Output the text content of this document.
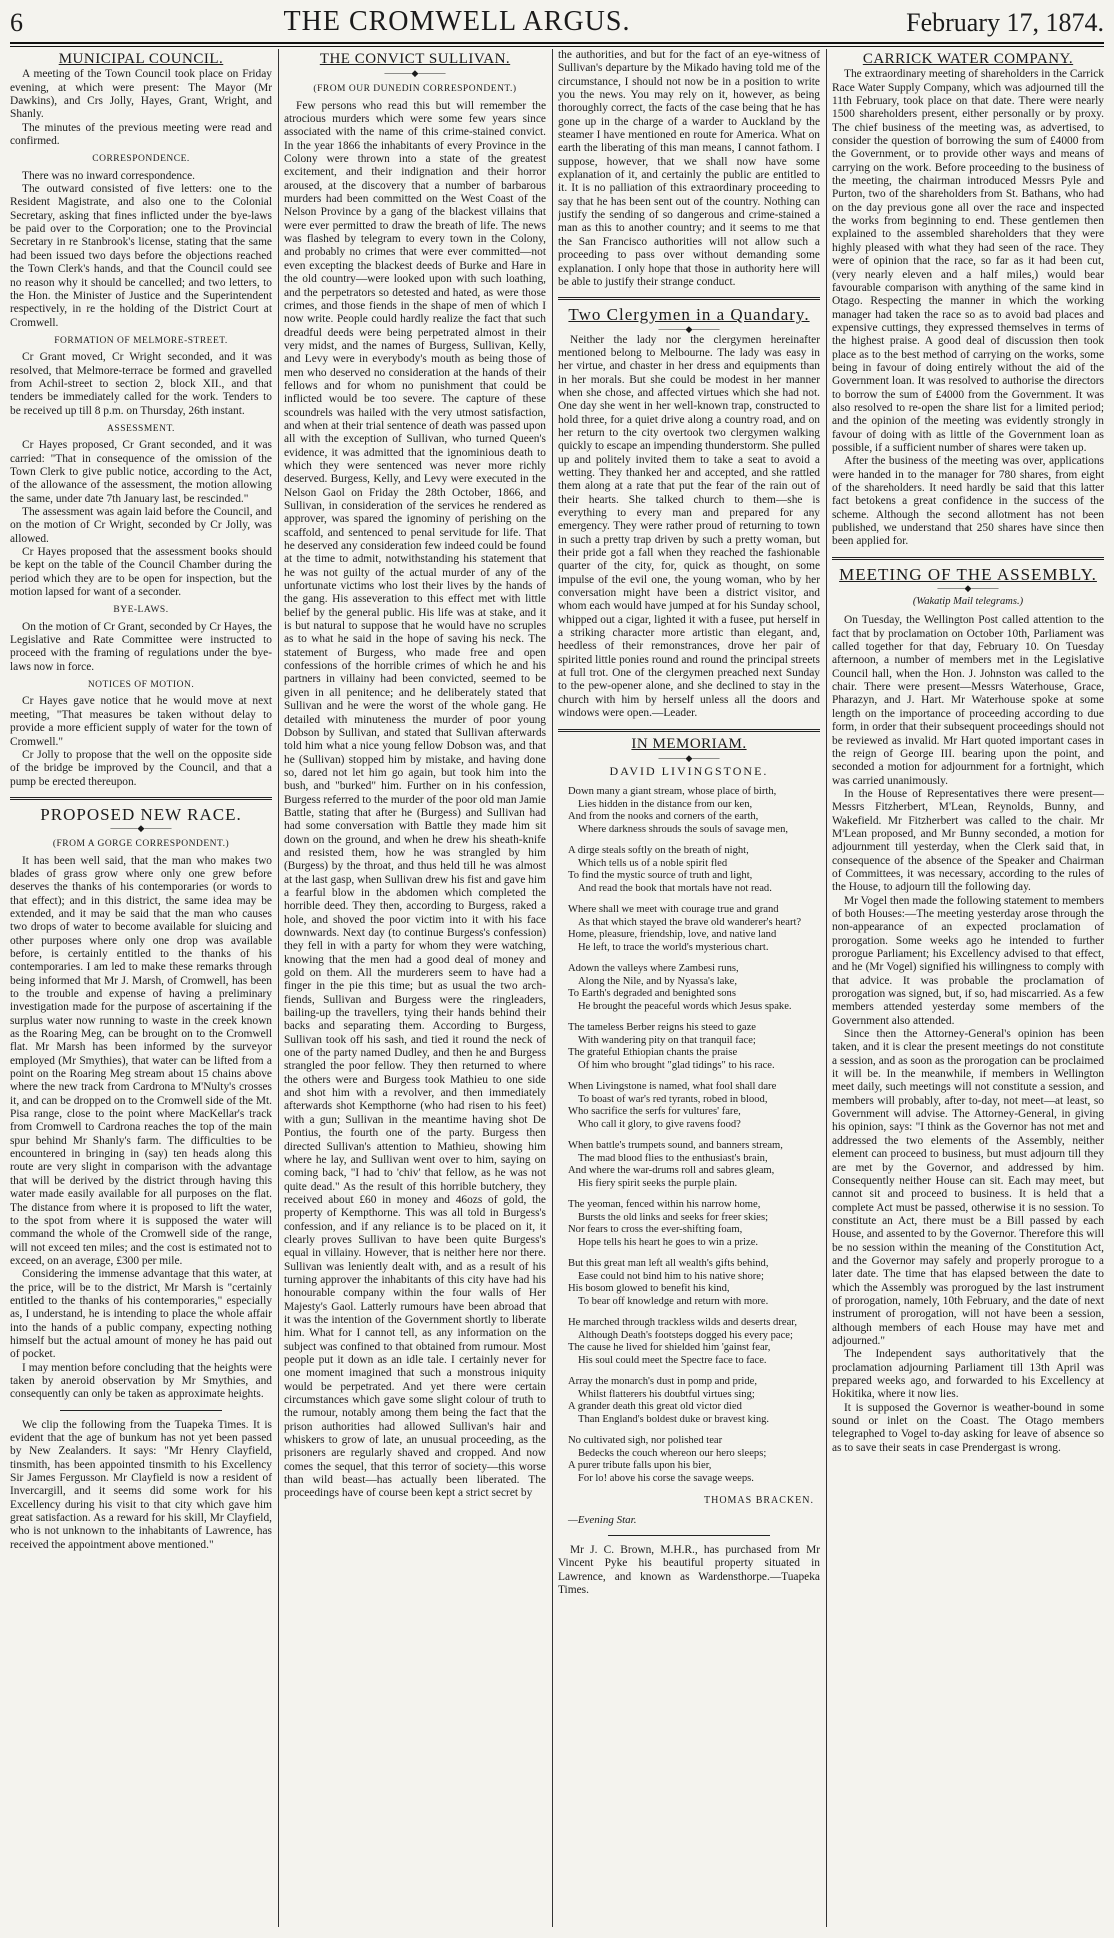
6	THE CROMWELL ARGUS.	February 17, 1874.
MUNICIPAL COUNCIL.

A meeting of the Town Council took place on Friday evening, at which were present: The Mayor (Mr Dawkins), and Crs Jolly, Hayes, Grant, Wright, and Shanly.

The minutes of the previous meeting were read and confirmed.

CORRESPONDENCE.

There was no inward correspondence.

The outward consisted of five letters: one to the Resident Magistrate, and also one to the Colonial Secretary, asking that fines inflicted under the bye-laws be paid over to the Corporation; one to the Provincial Secretary in re Stanbrook's license, stating that the same had been issued two days before the objections reached the Town Clerk's hands, and that the Council could see no reason why it should be cancelled; and two letters, to the Hon. the Minister of Justice and the Superintendent respectively, in re the holding of the District Court at Cromwell.

FORMATION OF MELMORE-STREET.

Cr Grant moved, Cr Wright seconded, and it was resolved, that Melmore-terrace be formed and gravelled from Achil-street to section 2, block XII., and that tenders be immediately called for the work. Tenders to be received up till 8 p.m. on Thursday, 26th instant.

ASSESSMENT.

Cr Hayes proposed, Cr Grant seconded, and it was carried: "That in consequence of the omission of the Town Clerk to give public notice, according to the Act, of the allowance of the assessment, the motion allowing the same, under date 7th January last, be rescinded."

The assessment was again laid before the Council, and on the motion of Cr Wright, seconded by Cr Jolly, was allowed.

Cr Hayes proposed that the assessment books should be kept on the table of the Council Chamber during the period which they are to be open for inspection, but the motion lapsed for want of a seconder.

BYE-LAWS.

On the motion of Cr Grant, seconded by Cr Hayes, the Legislative and Rate Committee were instructed to proceed with the framing of regulations under the bye-laws now in force.

NOTICES OF MOTION.

Cr Hayes gave notice that he would move at next meeting, "That measures be taken without delay to provide a more efficient supply of water for the town of Cromwell."

Cr Jolly to propose that the well on the opposite side of the bridge be improved by the Council, and that a pump be erected thereupon.

PROPOSED NEW RACE.
———◆———
(FROM A GORGE CORRESPONDENT.)

It has been well said, that the man who makes two blades of grass grow where only one grew before deserves the thanks of his contemporaries (or words to that effect); and in this district, the same idea may be extended, and it may be said that the man who causes two drops of water to become available for sluicing and other purposes where only one drop was available before, is certainly entitled to the thanks of his contemporaries. I am led to make these remarks through being informed that Mr J. Marsh, of Cromwell, has been to the trouble and expense of having a preliminary investigation made for the purpose of ascertaining if the surplus water now running to waste in the creek known as the Roaring Meg, can be brought on to the Cromwell flat. Mr Marsh has been informed by the surveyor employed (Mr Smythies), that water can be lifted from a point on the Roaring Meg stream about 15 chains above where the new track from Cardrona to M'Nulty's crosses it, and can be dropped on to the Cromwell side of the Mt. Pisa range, close to the point where MacKellar's track from Cromwell to Cardrona reaches the top of the main spur behind Mr Shanly's farm. The difficulties to be encountered in bringing in (say) ten heads along this route are very slight in comparison with the advantage that will be derived by the district through having this water made easily available for all purposes on the flat. The distance from where it is proposed to lift the water, to the spot from where it is supposed the water will command the whole of the Cromwell side of the range, will not exceed ten miles; and the cost is estimated not to exceed, on an average, £300 per mile.

Considering the immense advantage that this water, at the price, will be to the district, Mr Marsh is "certainly entitled to the thanks of his contemporaries," especially as, I understand, he is intending to place the whole affair into the hands of a public company, expecting nothing himself but the actual amount of money he has paid out of pocket.

I may mention before concluding that the heights were taken by aneroid observation by Mr Smythies, and consequently can only be taken as approximate heights.

We clip the following from the Tuapeka Times. It is evident that the age of bunkum has not yet been passed by New Zealanders. It says: "Mr Henry Clayfield, tinsmith, has been appointed tinsmith to his Excellency Sir James Fergusson. Mr Clayfield is now a resident of Invercargill, and it seems did some work for his Excellency during his visit to that city which gave him great satisfaction. As a reward for his skill, Mr Clayfield, who is not unknown to the inhabitants of Lawrence, has received the appointment above mentioned."

THE CONVICT SULLIVAN.
———◆———
(FROM OUR DUNEDIN CORRESPONDENT.)

Few persons who read this but will remember the atrocious murders which were some few years since associated with the name of this crime-stained convict. In the year 1866 the inhabitants of every Province in the Colony were thrown into a state of the greatest excitement, and their indignation and their horror aroused, at the discovery that a number of barbarous murders had been committed on the West Coast of the Nelson Province by a gang of the blackest villains that were ever permitted to draw the breath of life. The news was flashed by telegram to every town in the Colony, and probably no crimes that were ever committed—not even excepting the blackest deeds of Burke and Hare in the old country—were looked upon with such loathing, and the perpetrators so detested and hated, as were those crimes, and those fiends in the shape of men of which I now write. People could hardly realize the fact that such dreadful deeds were being perpetrated almost in their very midst, and the names of Burgess, Sullivan, Kelly, and Levy were in everybody's mouth as being those of men who deserved no consideration at the hands of their fellows and for whom no punishment that could be inflicted would be too severe. The capture of these scoundrels was hailed with the very utmost satisfaction, and when at their trial sentence of death was passed upon all with the exception of Sullivan, who turned Queen's evidence, it was admitted that the ignominious death to which they were sentenced was never more richly deserved. Burgess, Kelly, and Levy were executed in the Nelson Gaol on Friday the 28th October, 1866, and Sullivan, in consideration of the services he rendered as approver, was spared the ignominy of perishing on the scaffold, and sentenced to penal servitude for life. That he deserved any consideration few indeed could be found at the time to admit, notwithstanding his statement that he was not guilty of the actual murder of any of the unfortunate victims who lost their lives by the hands of the gang. His asseveration to this effect met with little belief by the general public. His life was at stake, and it is but natural to suppose that he would have no scruples as to what he said in the hope of saving his neck. The statement of Burgess, who made free and open confessions of the horrible crimes of which he and his partners in villainy had been convicted, seemed to be given in all penitence; and he deliberately stated that Sullivan and he were the worst of the whole gang. He detailed with minuteness the murder of poor young Dobson by Sullivan, and stated that Sullivan afterwards told him what a nice young fellow Dobson was, and that he (Sullivan) stopped him by mistake, and having done so, dared not let him go again, but took him into the bush, and "burked" him. Further on in his confession, Burgess referred to the murder of the poor old man Jamie Battle, stating that after he (Burgess) and Sullivan had had some conversation with Battle they made him sit down on the ground, and when he drew his sheath-knife and resisted them, how he was strangled by him (Burgess) by the throat, and thus held till he was almost at the last gasp, when Sullivan drew his fist and gave him a fearful blow in the abdomen which completed the horrible deed. They then, according to Burgess, raked a hole, and shoved the poor victim into it with his face downwards. Next day (to continue Burgess's confession) they fell in with a party for whom they were watching, knowing that the men had a good deal of money and gold on them. All the murderers seem to have had a finger in the pie this time; but as usual the two arch-fiends, Sullivan and Burgess were the ringleaders, bailing-up the travellers, tying their hands behind their backs and separating them. According to Burgess, Sullivan took off his sash, and tied it round the neck of one of the party named Dudley, and then he and Burgess strangled the poor fellow. They then returned to where the others were and Burgess took Mathieu to one side and shot him with a revolver, and then immediately afterwards shot Kempthorne (who had risen to his feet) with a gun; Sullivan in the meantime having shot De Pontius, the fourth one of the party. Burgess then directed Sullivan's attention to Mathieu, showing him where he lay, and Sullivan went over to him, saying on coming back, "I had to 'chiv' that fellow, as he was not quite dead." As the result of this horrible butchery, they received about £60 in money and 46ozs of gold, the property of Kempthorne. This was all told in Burgess's confession, and if any reliance is to be placed on it, it clearly proves Sullivan to have been quite Burgess's equal in villainy. However, that is neither here nor there. Sullivan was leniently dealt with, and as a result of his turning approver the inhabitants of this city have had his honourable company within the four walls of Her Majesty's Gaol. Latterly rumours have been abroad that it was the intention of the Government shortly to liberate him. What for I cannot tell, as any information on the subject was confined to that obtained from rumour. Most people put it down as an idle tale. I certainly never for one moment imagined that such a monstrous iniquity would be perpetrated. And yet there were certain circumstances which gave some slight colour of truth to the rumour, notably among them being the fact that the prison authorities had allowed Sullivan's hair and whiskers to grow of late, an unusual proceeding, as the prisoners are regularly shaved and cropped. And now comes the sequel, that this terror of society—this worse than wild beast—has actually been liberated. The proceedings have of course been kept a strict secret by

the authorities, and but for the fact of an eye-witness of Sullivan's departure by the Mikado having told me of the circumstance, I should not now be in a position to write you the news. You may rely on it, however, as being thoroughly correct, the facts of the case being that he has gone up in the charge of a warder to Auckland by the steamer I have mentioned en route for America. What on earth the liberating of this man means, I cannot fathom. I suppose, however, that we shall now have some explanation of it, and certainly the public are entitled to it. It is no palliation of this extraordinary proceeding to say that he has been sent out of the country. Nothing can justify the sending of so dangerous and crime-stained a man as this to another country; and it seems to me that the San Francisco authorities will not allow such a proceeding to pass over without demanding some explanation. I only hope that those in authority here will be able to justify their strange conduct.

Two Clergymen in a Quandary.
———◆———

Neither the lady nor the clergymen hereinafter mentioned belong to Melbourne. The lady was easy in her virtue, and chaster in her dress and equipments than in her morals. But she could be modest in her manner when she chose, and affected virtues which she had not. One day she went in her well-known trap, constructed to hold three, for a quiet drive along a country road, and on her return to the city overtook two clergymen walking quickly to escape an impending thunderstorm. She pulled up and politely invited them to take a seat to avoid a wetting. They thanked her and accepted, and she rattled them along at a rate that put the fear of the rain out of their hearts. She talked church to them—she is everything to every man and prepared for any emergency. They were rather proud of returning to town in such a pretty trap driven by such a pretty woman, but their pride got a fall when they reached the fashionable quarter of the city, for, quick as thought, on some impulse of the evil one, the young woman, who by her conversation might have been a district visitor, and whom each would have jumped at for his Sunday school, whipped out a cigar, lighted it with a fusee, put herself in a striking character more artistic than elegant, and, heedless of their remonstrances, drove her pair of spirited little ponies round and round the principal streets at full trot. One of the clergymen preached next Sunday to the pew-opener alone, and she declined to stay in the church with him by herself unless all the doors and windows were open.—Leader.

IN MEMORIAM.
———◆———
DAVID LIVINGSTONE.
Down many a giant stream, whose place of birth,
Lies hidden in the distance from our ken,
And from the nooks and corners of the earth,
Where darkness shrouds the souls of savage men,
A dirge steals softly on the breath of night,
Which tells us of a noble spirit fled
To find the mystic source of truth and light,
And read the book that mortals have not read.
Where shall we meet with courage true and grand
As that which stayed the brave old wanderer's heart?
Home, pleasure, friendship, love, and native land
He left, to trace the world's mysterious chart.
Adown the valleys where Zambesi runs,
Along the Nile, and by Nyassa's lake,
To Earth's degraded and benighted sons
He brought the peaceful words which Jesus spake.
The tameless Berber reigns his steed to gaze
With wandering pity on that tranquil face;
The grateful Ethiopian chants the praise
Of him who brought "glad tidings" to his race.
When Livingstone is named, what fool shall dare
To boast of war's red tyrants, robed in blood,
Who sacrifice the serfs for vultures' fare,
Who call it glory, to give ravens food?
When battle's trumpets sound, and banners stream,
The mad blood flies to the enthusiast's brain,
And where the war-drums roll and sabres gleam,
His fiery spirit seeks the purple plain.
The yeoman, fenced within his narrow home,
Bursts the old links and seeks for freer skies;
Nor fears to cross the ever-shifting foam,
Hope tells his heart he goes to win a prize.
But this great man left all wealth's gifts behind,
Ease could not bind him to his native shore;
His bosom glowed to benefit his kind,
To bear off knowledge and return with more.
He marched through trackless wilds and deserts drear,
Although Death's footsteps dogged his every pace;
The cause he lived for shielded him 'gainst fear,
His soul could meet the Spectre face to face.
Array the monarch's dust in pomp and pride,
Whilst flatterers his doubtful virtues sing;
A grander death this great old victor died
Than England's boldest duke or bravest king.
No cultivated sigh, nor polished tear
Bedecks the couch whereon our hero sleeps;
A purer tribute falls upon his bier,
For lo! above his corse the savage weeps.
THOMAS BRACKEN.
—Evening Star.

Mr J. C. Brown, M.H.R., has purchased from Mr Vincent Pyke his beautiful property situated in Lawrence, and known as Wardensthorpe.—Tuapeka Times.

CARRICK WATER COMPANY.

The extraordinary meeting of shareholders in the Carrick Race Water Supply Company, which was adjourned till the 11th February, took place on that date. There were nearly 1500 shareholders present, either personally or by proxy. The chief business of the meeting was, as advertised, to consider the question of borrowing the sum of £4000 from the Government, or to provide other ways and means of carrying on the work. Before proceeding to the business of the meeting, the chairman introduced Messrs Pyle and Purton, two of the shareholders from St. Bathans, who had on the day previous gone all over the race and inspected the works from beginning to end. These gentlemen then explained to the assembled shareholders that they were highly pleased with what they had seen of the race. They were of opinion that the race, so far as it had been cut, (very nearly eleven and a half miles,) would bear favourable comparison with anything of the same kind in Otago. Respecting the manner in which the working manager had taken the race so as to avoid bad places and expensive cuttings, they expressed themselves in terms of the highest praise. A good deal of discussion then took place as to the best method of carrying on the works, some being in favour of doing entirely without the aid of the Government loan. It was resolved to authorise the directors to borrow the sum of £4000 from the Government. It was also resolved to re-open the share list for a limited period; and the opinion of the meeting was evidently strongly in favour of doing with as little of the Government loan as possible, if a sufficient number of shares were taken up.

After the business of the meeting was over, applications were handed in to the manager for 780 shares, from eight of the shareholders. It need hardly be said that this latter fact betokens a great confidence in the success of the scheme. Although the second allotment has not been published, we understand that 250 shares have since then been applied for.

MEETING OF THE ASSEMBLY.
———◆———
(Wakatip Mail telegrams.)

On Tuesday, the Wellington Post called attention to the fact that by proclamation on October 10th, Parliament was called together for that day, February 10. On Tuesday afternoon, a number of members met in the Legislative Council hall, when the Hon. J. Johnston was called to the chair. There were present—Messrs Waterhouse, Grace, Pharazyn, and J. Hart. Mr Waterhouse spoke at some length on the importance of proceeding according to due form, in order that their subsequent proceedings should not be reviewed as invalid. Mr Hart quoted important cases in the reign of George III. bearing upon the point, and seconded a motion for adjournment for a fortnight, which was carried unanimously.

In the House of Representatives there were present—Messrs Fitzherbert, M'Lean, Reynolds, Bunny, and Wakefield. Mr Fitzherbert was called to the chair. Mr M'Lean proposed, and Mr Bunny seconded, a motion for adjournment till yesterday, when the Clerk said that, in consequence of the absence of the Speaker and Chairman of Committees, it was necessary, according to the rules of the House, to adjourn till the following day.

Mr Vogel then made the following statement to members of both Houses:—The meeting yesterday arose through the non-appearance of an expected proclamation of prorogation. Some weeks ago he intended to further prorogue Parliament; his Excellency advised to that effect, and he (Mr Vogel) signified his willingness to comply with that advice. It was probable the proclamation of prorogation was signed, but, if so, had miscarried. As a few members attended yesterday some members of the Government also attended.

Since then the Attorney-General's opinion has been taken, and it is clear the present meetings do not constitute a session, and as soon as the prorogation can be proclaimed it will be. In the meanwhile, if members in Wellington meet daily, such meetings will not constitute a session, and members will probably, after to-day, not meet—at least, so Government will advise. The Attorney-General, in giving his opinion, says: "I think as the Governor has not met and addressed the two elements of the Assembly, neither element can proceed to business, but must adjourn till they are met by the Governor, and addressed by him. Consequently neither House can sit. Each may meet, but cannot sit and proceed to business. It is held that a complete Act must be passed, otherwise it is no session. To constitute an Act, there must be a Bill passed by each House, and assented to by the Governor. Therefore this will be no session within the meaning of the Constitution Act, and the Governor may safely and properly prorogue to a later date. The time that has elapsed between the date to which the Assembly was prorogued by the last instrument of prorogation, namely, 10th February, and the date of next instrument of prorogation, will not have been a session, although members of each House may have met and adjourned."

The Independent says authoritatively that the proclamation adjourning Parliament till 13th April was prepared weeks ago, and forwarded to his Excellency at Hokitika, where it now lies.

It is supposed the Governor is weather-bound in some sound or inlet on the Coast. The Otago members telegraphed to Vogel to-day asking for leave of absence so as to save their seats in case Prendergast is wrong.
